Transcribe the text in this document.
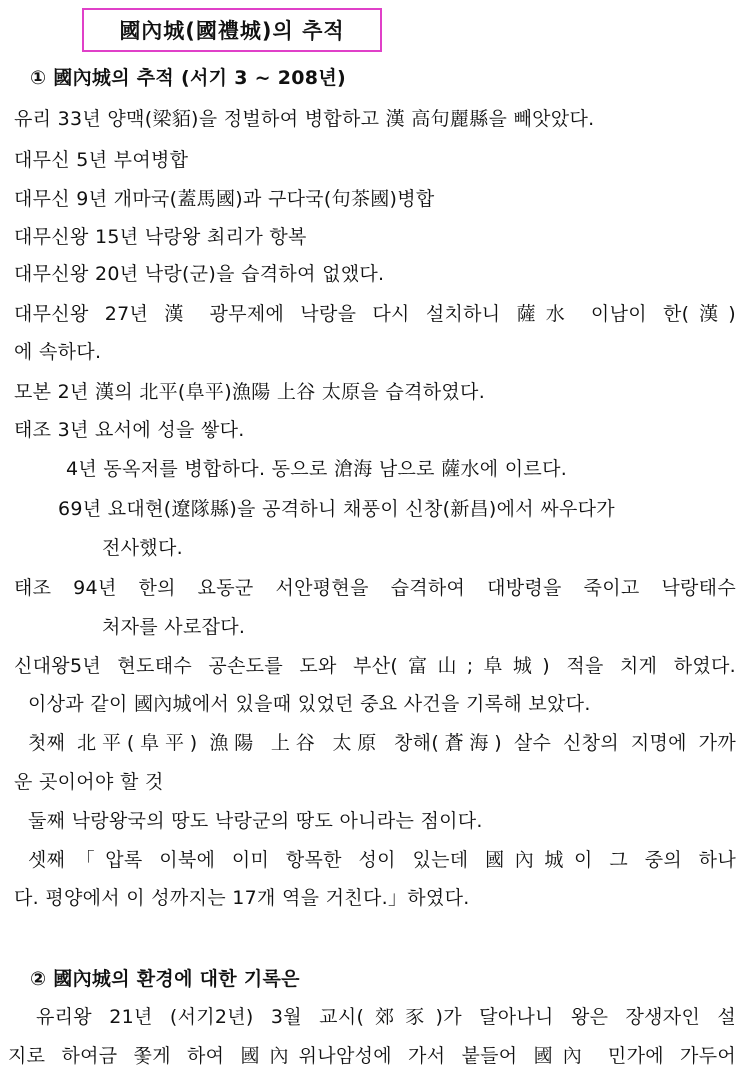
國內城(國禮城)의 추적
① 國內城의 추적 (서기 3 ~ 208년)
유리 33년 양맥(梁貊)을 정벌하여 병합하고 漢 高句麗縣을 빼앗았다.
대무신 5년 부여병합
대무신 9년 개마국(蓋馬國)과 구다국(句茶國)병합
대무신왕 15년 낙랑왕 최리가 항복
대무신왕 20년 낙랑(군)을 습격하여 없앴다.
대무신왕 27년 漢 광무제에 낙랑을 다시 설치하니 薩水 이남이 한(漢)
에 속하다.
모본 2년 漢의 北平(阜平)漁陽 上谷 太原을 습격하였다.
태조 3년 요서에 성을 쌓다.
4년 동옥저를 병합하다. 동으로 滄海 남으로 薩水에 이르다.
69년 요대현(遼隊縣)을 공격하니 채풍이 신창(新昌)에서 싸우다가
전사했다.
태조 94년 한의 요동군 서안평현을 습격하여 대방령을 죽이고 낙랑태수
처자를 사로잡다.
신대왕5년 현도태수 공손도를 도와 부산(富山;阜城) 적을 치게 하였다.
이상과 같이 國內城에서 있을때 있었던 중요 사건을 기록해 보았다.
첫째 北平(阜平) 漁陽 上谷 太原 창해(蒼海) 살수 신창의 지명에 가까
운 곳이어야 할 것
둘째 낙랑왕국의 땅도 낙랑군의 땅도 아니라는 점이다.
셋째「압록 이북에 이미 항목한 성이 있는데 國內城이 그 중의 하나
다. 평양에서 이 성까지는 17개 역을 거친다.」하였다.
② 國內城의 환경에 대한 기록은
유리왕 21년 (서기2년) 3월 교시(郊豕)가 달아나니 왕은 장생자인 설
지로 하여금 쫓게 하여 國內위나암성에 가서 붙들어 國內 민가에 가두어
